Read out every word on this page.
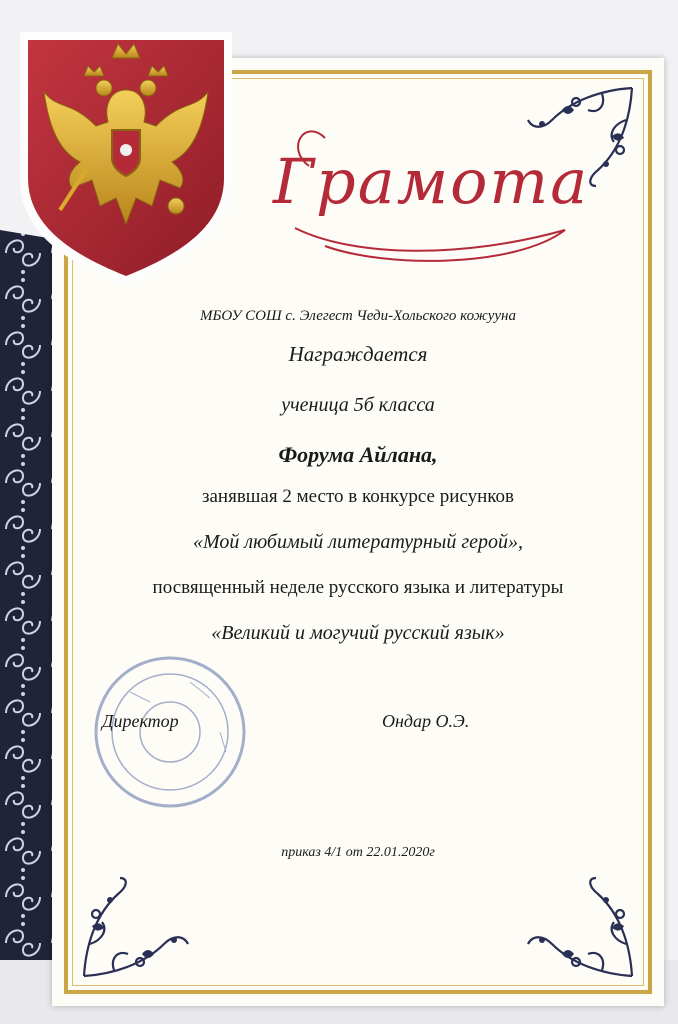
Грамота
МБОУ СОШ с. Элегест Чеди-Хольского кожууна
Награждается
ученица 5б класса
Форума Айлана,
занявшая 2 место в конкурсе рисунков
«Мой любимый литературный герой»,
посвященный неделе русского языка и литературы
«Великий и могучий русский язык»
Директор	Ондар О.Э.
приказ 4/1 от 22.01.2020г
